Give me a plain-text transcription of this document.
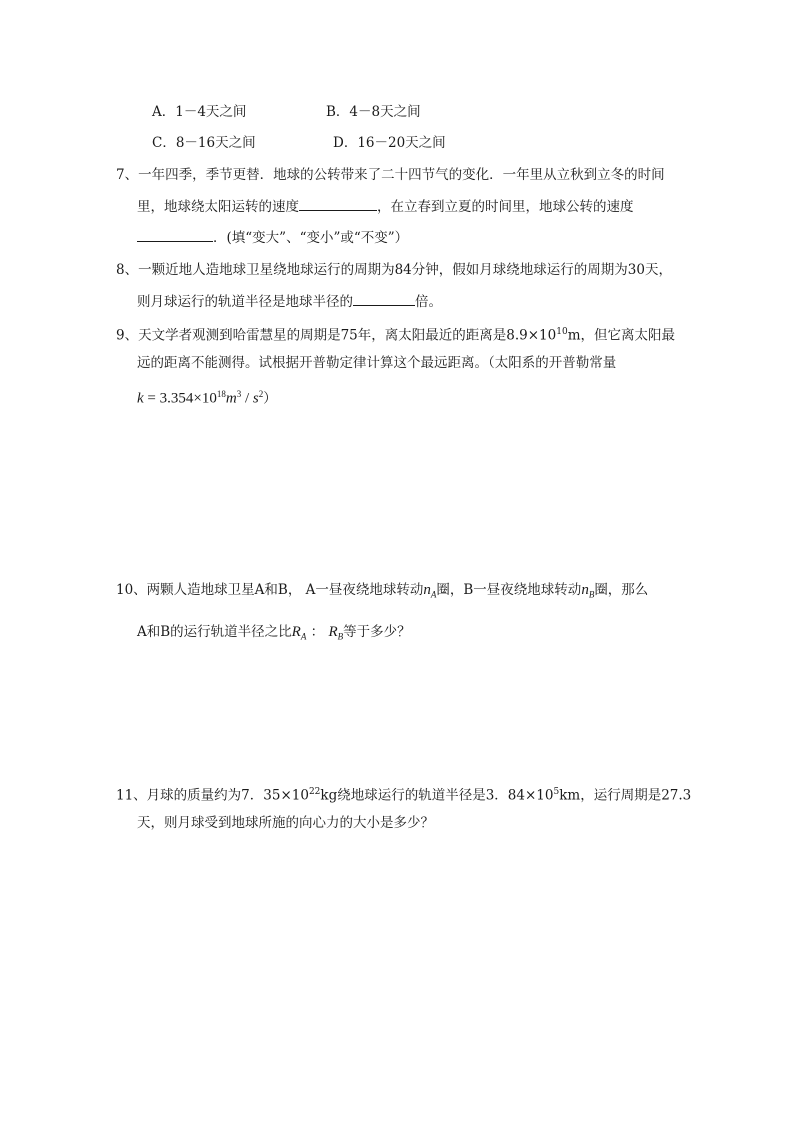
A．1－4天之间	B．4－8天之间
C．8－16天之间	D．16－20天之间
7、一年四季，季节更替．地球的公转带来了二十四节气的变化．一年里从立秋到立冬的时间
里，地球绕太阳运转的速度	，在立春到立夏的时间里，地球公转的速度
．(填“变大”、“变小”或“不变”）
8、一颗近地人造地球卫星绕地球运行的周期为84分钟，假如月球绕地球运行的周期为30天，
则月球运行的轨道半径是地球半径的	倍。
9、天文学者观测到哈雷慧星的周期是75年，离太阳最近的距离是$8.9\times 10^{10}m$，但它离太阳最
远的距离不能测得。试根据开普勒定律计算这个最远距离。（太阳系的开普勒常量
$k = 3.354\times 10^{18}m^3 / s^2$）
10、两颗人造地球卫星A和B， A一昼夜绕地球转动$n_A$圈，B一昼夜绕地球转动$n_B$圈，那么
A和B的运行轨道半径之比$R_A$ ： $R_B$等于多少？
11、月球的质量约为7．$35\times 10^{22}kg$绕地球运行的轨道半径是3．$84\times 10^5km$，运行周期是27.3
天，则月球受到地球所施的向心力的大小是多少？
